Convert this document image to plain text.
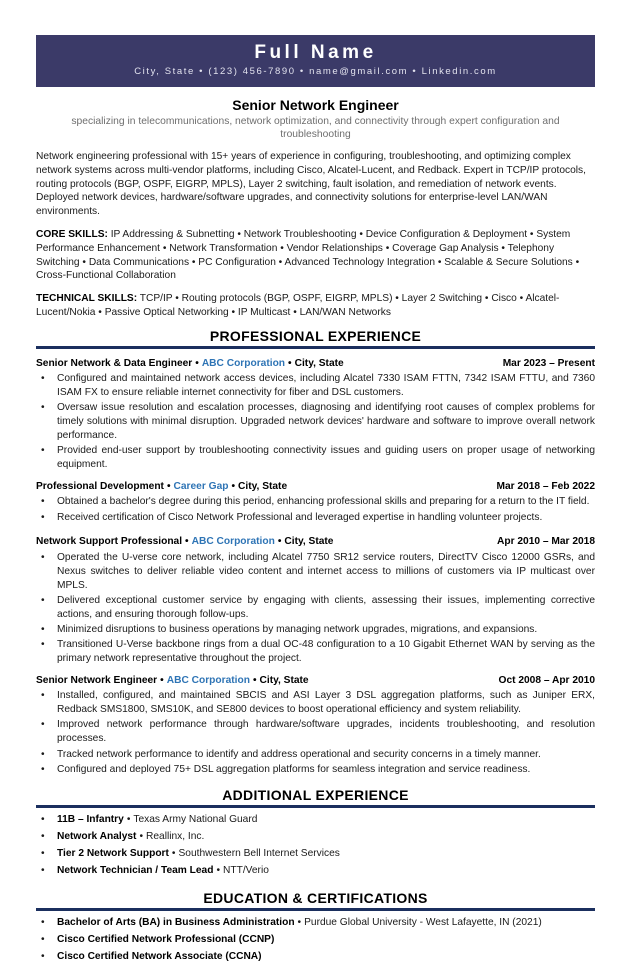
Full Name
City, State • (123) 456-7890 • name@gmail.com • Linkedin.com
Senior Network Engineer
specializing in telecommunications, network optimization, and connectivity through expert configuration and troubleshooting

Network engineering professional with 15+ years of experience in configuring, troubleshooting, and optimizing complex network systems across multi-vendor platforms, including Cisco, Alcatel-Lucent, and Redback. Expert in TCP/IP protocols, routing protocols (BGP, OSPF, EIGRP, MPLS), Layer 2 switching, fault isolation, and remediation of network events. Deployed network devices, hardware/software upgrades, and connectivity solutions for enterprise-level LAN/WAN environments.

CORE SKILLS: IP Addressing & Subnetting • Network Troubleshooting • Device Configuration & Deployment • System Performance Enhancement • Network Transformation • Vendor Relationships • Coverage Gap Analysis • Telephony Switching • Data Communications • PC Configuration • Advanced Technology Integration • Scalable & Secure Solutions • Cross-Functional Collaboration

TECHNICAL SKILLS: TCP/IP • Routing protocols (BGP, OSPF, EIGRP, MPLS) • Layer 2 Switching • Cisco • Alcatel-Lucent/Nokia • Passive Optical Networking • IP Multicast • LAN/WAN Networks

PROFESSIONAL EXPERIENCE
Senior Network & Data Engineer • ABC Corporation • City, State	Mar 2023 – Present
• Configured and maintained network access devices, including Alcatel 7330 ISAM FTTN, 7342 ISAM FTTU, and 7360 ISAM FX to ensure reliable internet connectivity for fiber and DSL customers.
• Oversaw issue resolution and escalation processes, diagnosing and identifying root causes of complex problems for timely solutions with minimal disruption. Upgraded network devices' hardware and software to improve overall network performance.
• Provided end-user support by troubleshooting connectivity issues and guiding users on proper usage of networking equipment.
Professional Development • Career Gap • City, State	Mar 2018 – Feb 2022
• Obtained a bachelor's degree during this period, enhancing professional skills and preparing for a return to the IT field.
• Received certification of Cisco Network Professional and leveraged expertise in handling volunteer projects.
Network Support Professional • ABC Corporation • City, State	Apr 2010 – Mar 2018
• Operated the U-verse core network, including Alcatel 7750 SR12 service routers, DirectTV Cisco 12000 GSRs, and Nexus switches to deliver reliable video content and internet access to millions of customers via IP multicast over MPLS.
• Delivered exceptional customer service by engaging with clients, assessing their issues, implementing corrective actions, and ensuring thorough follow-ups.
• Minimized disruptions to business operations by managing network upgrades, migrations, and expansions.
• Transitioned U-Verse backbone rings from a dual OC-48 configuration to a 10 Gigabit Ethernet WAN by serving as the primary network representative throughout the project.
Senior Network Engineer • ABC Corporation • City, State	Oct 2008 – Apr 2010
• Installed, configured, and maintained SBCIS and ASI Layer 3 DSL aggregation platforms, such as Juniper ERX, Redback SMS1800, SMS10K, and SE800 devices to boost operational efficiency and system reliability.
• Improved network performance through hardware/software upgrades, incidents troubleshooting, and resolution processes.
• Tracked network performance to identify and address operational and security concerns in a timely manner.
• Configured and deployed 75+ DSL aggregation platforms for seamless integration and service readiness.
ADDITIONAL EXPERIENCE
• 11B – Infantry • Texas Army National Guard
• Network Analyst • Reallinx, Inc.
• Tier 2 Network Support • Southwestern Bell Internet Services
• Network Technician / Team Lead • NTT/Verio
EDUCATION & CERTIFICATIONS
• Bachelor of Arts (BA) in Business Administration • Purdue Global University - West Lafayette, IN (2021)
• Cisco Certified Network Professional (CCNP)
• Cisco Certified Network Associate (CCNA)
